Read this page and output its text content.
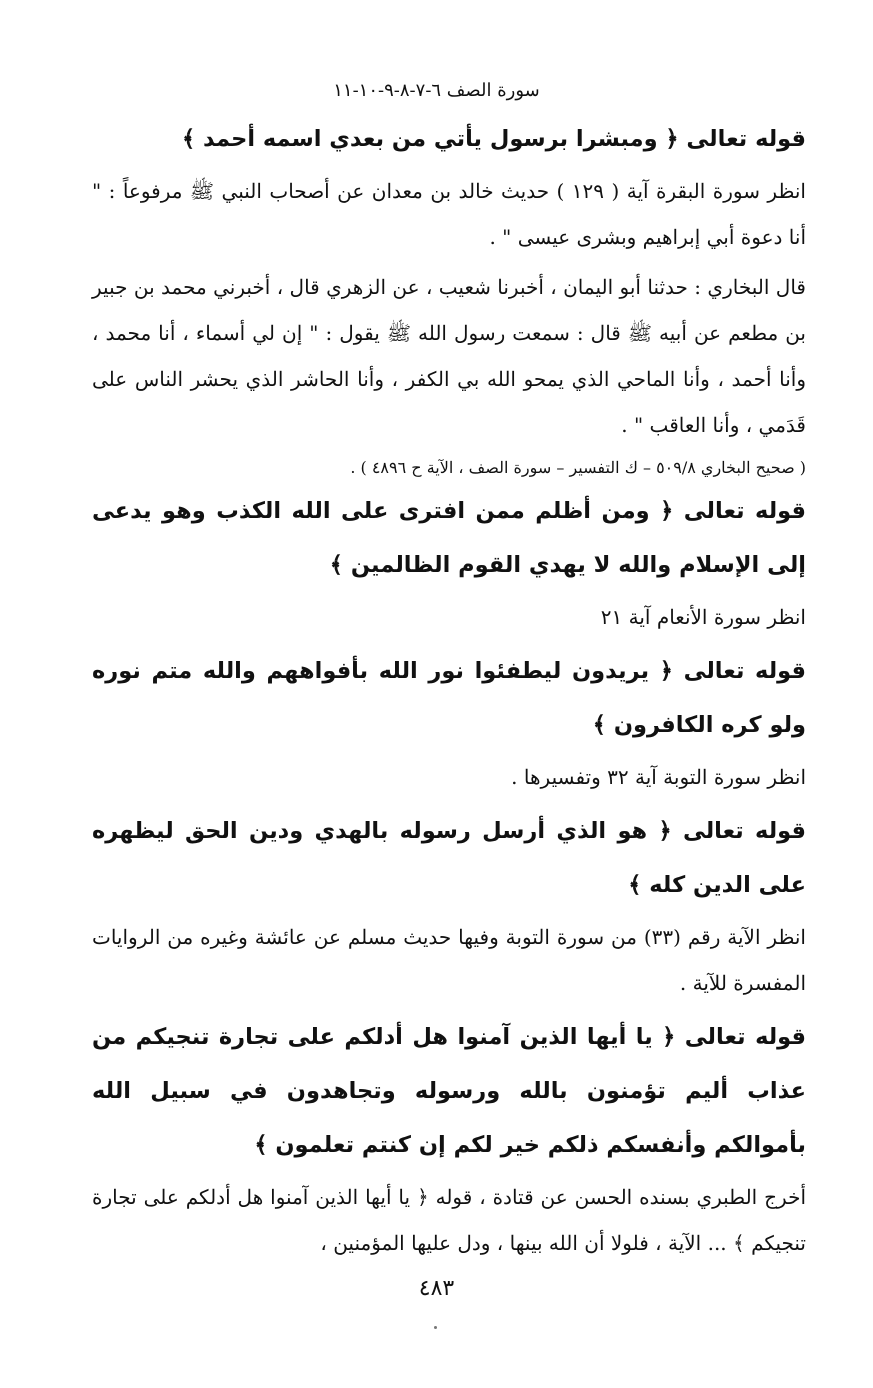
سورة الصف ٦-٧-٨-٩-١٠-١١

قوله تعالى ﴿ ومبشرا برسول يأتي من بعدي اسمه أحمد ﴾

انظر سورة البقرة آية ( ١٢٩ ) حديث خالد بن معدان عن أصحاب النبي ﷺ مرفوعاً : " أنا دعوة أبي إبراهيم وبشرى عيسى " .

قال البخاري : حدثنا أبو اليمان ، أخبرنا شعيب ، عن الزهري قال ، أخبرني محمد بن جبير بن مطعم عن أبيه ﷺ قال : سمعت رسول الله ﷺ يقول : " إن لي أسماء ، أنا محمد ، وأنا أحمد ، وأنا الماحي الذي يمحو الله بي الكفر ، وأنا الحاشر الذي يحشر الناس على قَدَمي ، وأنا العاقب " .

( صحيح البخاري ٥٠٩/٨ – ك التفسير – سورة الصف ، الآية ح ٤٨٩٦ ) .

قوله تعالى ﴿ ومن أظلم ممن افترى على الله الكذب وهو يدعى إلى الإسلام والله لا يهدي القوم الظالمين ﴾

انظر سورة الأنعام آية ٢١

قوله تعالى ﴿ يريدون ليطفئوا نور الله بأفواههم والله متم نوره ولو كره الكافرون ﴾

انظر سورة التوبة آية ٣٢ وتفسيرها .

قوله تعالى ﴿ هو الذي أرسل رسوله بالهدي ودين الحق ليظهره على الدين كله ﴾

انظر الآية رقم (٣٣) من سورة التوبة وفيها حديث مسلم عن عائشة وغيره من الروايات المفسرة للآية .

قوله تعالى ﴿ يا أيها الذين آمنوا هل أدلكم على تجارة تنجيكم من عذاب أليم تؤمنون بالله ورسوله وتجاهدون في سبيل الله بأموالكم وأنفسكم ذلكم خير لكم إن كنتم تعلمون ﴾

أخرج الطبري بسنده الحسن عن قتادة ، قوله ﴿ يا أيها الذين آمنوا هل أدلكم على تجارة تنجيكم ﴾ ... الآية ، فلولا أن الله بينها ، ودل عليها المؤمنين ،

٤٨٣
